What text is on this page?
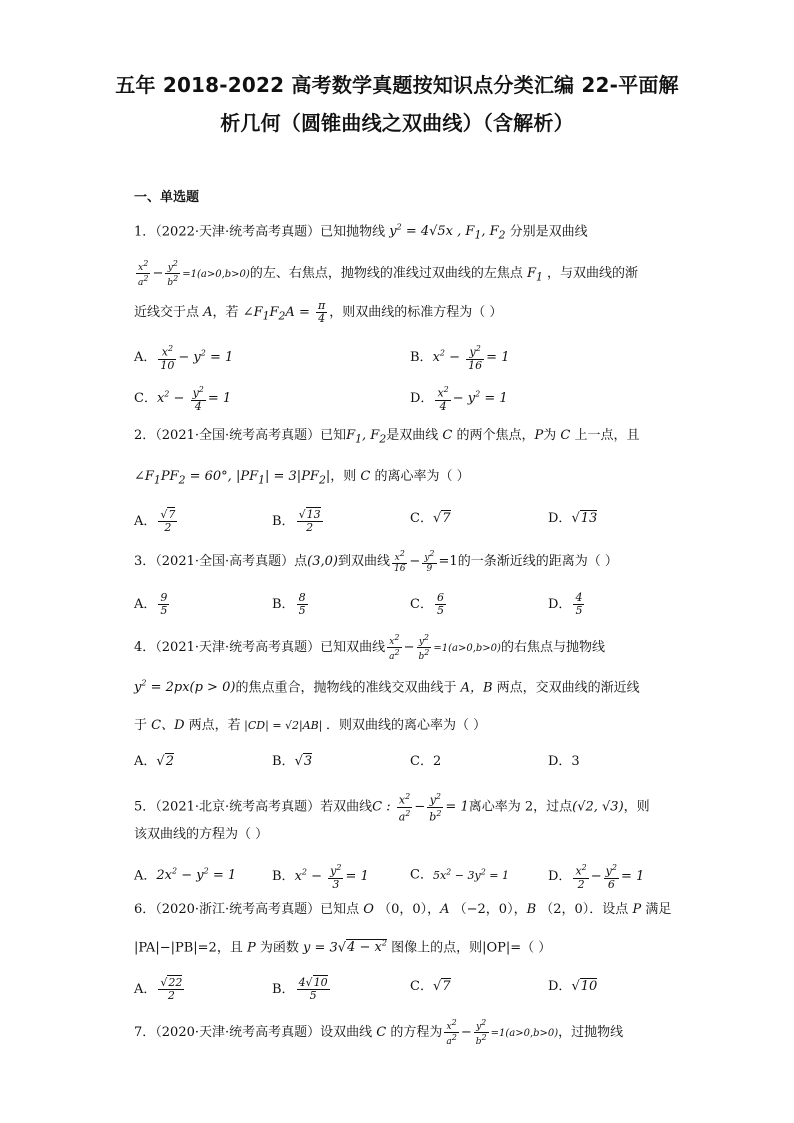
五年 2018-2022 高考数学真题按知识点分类汇编 22-平面解
析几何（圆锥曲线之双曲线）（含解析）
一、单选题
1．（2022·天津·统考高考真题）已知抛物线 $y^2 = 4√5x$ , $F_1$, $F_2$ 分别是双曲线
$\frac{x^2}{a^2} - \frac{y^2}{b^2} =1(a>0,b>0)$的左、右焦点，抛物线的准线过双曲线的左焦点 $F_1$ ，与双曲线的渐
近线交于点 A，若 $\angle F_1F_2A = \frac{\pi}{4}$ ，则双曲线的标准方程为（ ）
A． $\frac{x^2}{10} - y^2 = 1$	B．$x^2 - \frac{y^2}{16} = 1$
C．$x^2 - \frac{y^2}{4} = 1$	D． $\frac{x^2}{4} - y^2 = 1$
2．（2021·全国·统考高考真题）已知$F_1$, $F_2$是双曲线 C 的两个焦点，P为 C 上一点，且
$\angle F_1PF_2 = 60^\circ$, $|PF_1| = 3|PF_2|$，则 C 的离心率为（ ）
A． $\frac{√7}{2}$	B． $\frac{√13}{2}$	C．√7	D．√13
3．（2021·全国·高考真题）点(3,0)到双曲线 $\frac{x^2}{16} - \frac{y^2}{9} =1$的一条渐近线的距离为（ ）
A． $\frac{9}{5}$	B． $\frac{8}{5}$	C． $\frac{6}{5}$	D． $\frac{4}{5}$
4．（2021·天津·统考高考真题）已知双曲线 $\frac{x^2}{a^2} - \frac{y^2}{b^2} =1(a>0,b>0)$的右焦点与抛物线
$y^2 = 2px(p > 0)$的焦点重合，抛物线的准线交双曲线于 A，B 两点，交双曲线的渐近线
于 C、D 两点，若 |CD| = √2|AB| ．则双曲线的离心率为（ ）
A．√2	B．√3	C．2	D．3
5．（2021·北京·统考高考真题）若双曲线C : $\frac{x^2}{a^2} - \frac{y^2}{b^2} = 1$离心率为 2，过点(√2, √3)，则
该双曲线的方程为（ ）
A．$2x^2 - y^2 = 1$	B．$x^2 - \frac{y^2}{3} = 1$	C．$5x^2 - 3y^2 = 1$	D． $\frac{x^2}{2} - \frac{y^2}{6} = 1$
6．（2020·浙江·统考高考真题）已知点 O （0，0），A （−2，0），B （2，0）．设点 P 满足
|PA|−|PB|=2，且 P 为函数 $y = 3√4 - x^2$ 图像上的点，则|OP|=（ ）
A． $\frac{√22}{2}$	B． $\frac{4√10}{5}$	C．√7	D．√10
7．（2020·天津·统考高考真题）设双曲线 C 的方程为 $\frac{x^2}{a^2} - \frac{y^2}{b^2} =1(a>0,b>0)$，过抛物线
